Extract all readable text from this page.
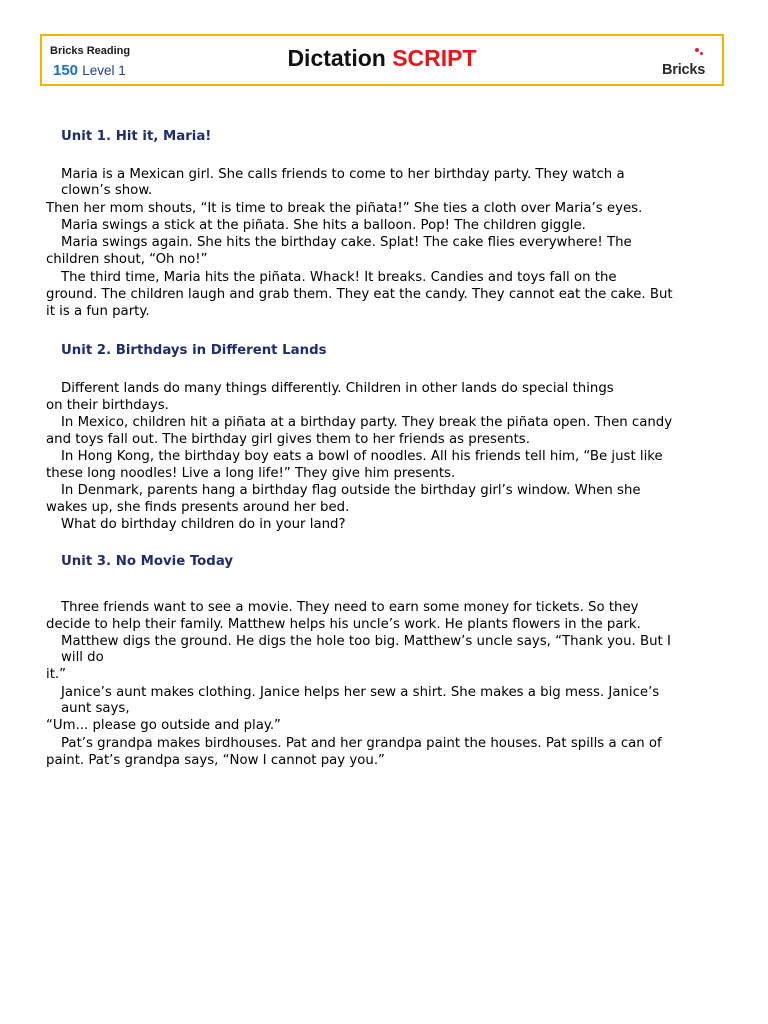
Bricks Reading
150 Level 1	Dictation SCRIPT	Bricks
Unit 1. Hit it, Maria!
Maria is a Mexican girl. She calls friends to come to her birthday party. They watch a
clown’s show.
Then her mom shouts, “It is time to break the piñata!” She ties a cloth over Maria’s eyes.
Maria swings a stick at the piñata. She hits a balloon. Pop! The children giggle.
Maria swings again. She hits the birthday cake. Splat! The cake flies everywhere! The
children shout, “Oh no!”
The third time, Maria hits the piñata. Whack! It breaks. Candies and toys fall on the
ground. The children laugh and grab them. They eat the candy. They cannot eat the cake. But
it is a fun party.
Unit 2. Birthdays in Different Lands
Different lands do many things differently. Children in other lands do special things
on their birthdays.
In Mexico, children hit a piñata at a birthday party. They break the piñata open. Then candy
and toys fall out. The birthday girl gives them to her friends as presents.
In Hong Kong, the birthday boy eats a bowl of noodles. All his friends tell him, “Be just like
these long noodles! Live a long life!” They give him presents.
In Denmark, parents hang a birthday flag outside the birthday girl’s window. When she
wakes up, she finds presents around her bed.
What do birthday children do in your land?
Unit 3. No Movie Today
Three friends want to see a movie. They need to earn some money for tickets. So they
decide to help their family. Matthew helps his uncle’s work. He plants flowers in the park.
Matthew digs the ground. He digs the hole too big. Matthew’s uncle says, “Thank you. But I
will do
it.”
Janice’s aunt makes clothing. Janice helps her sew a shirt. She makes a big mess. Janice’s
aunt says,
“Um... please go outside and play.”
Pat’s grandpa makes birdhouses. Pat and her grandpa paint the houses. Pat spills a can of
paint. Pat’s grandpa says, “Now I cannot pay you.”
